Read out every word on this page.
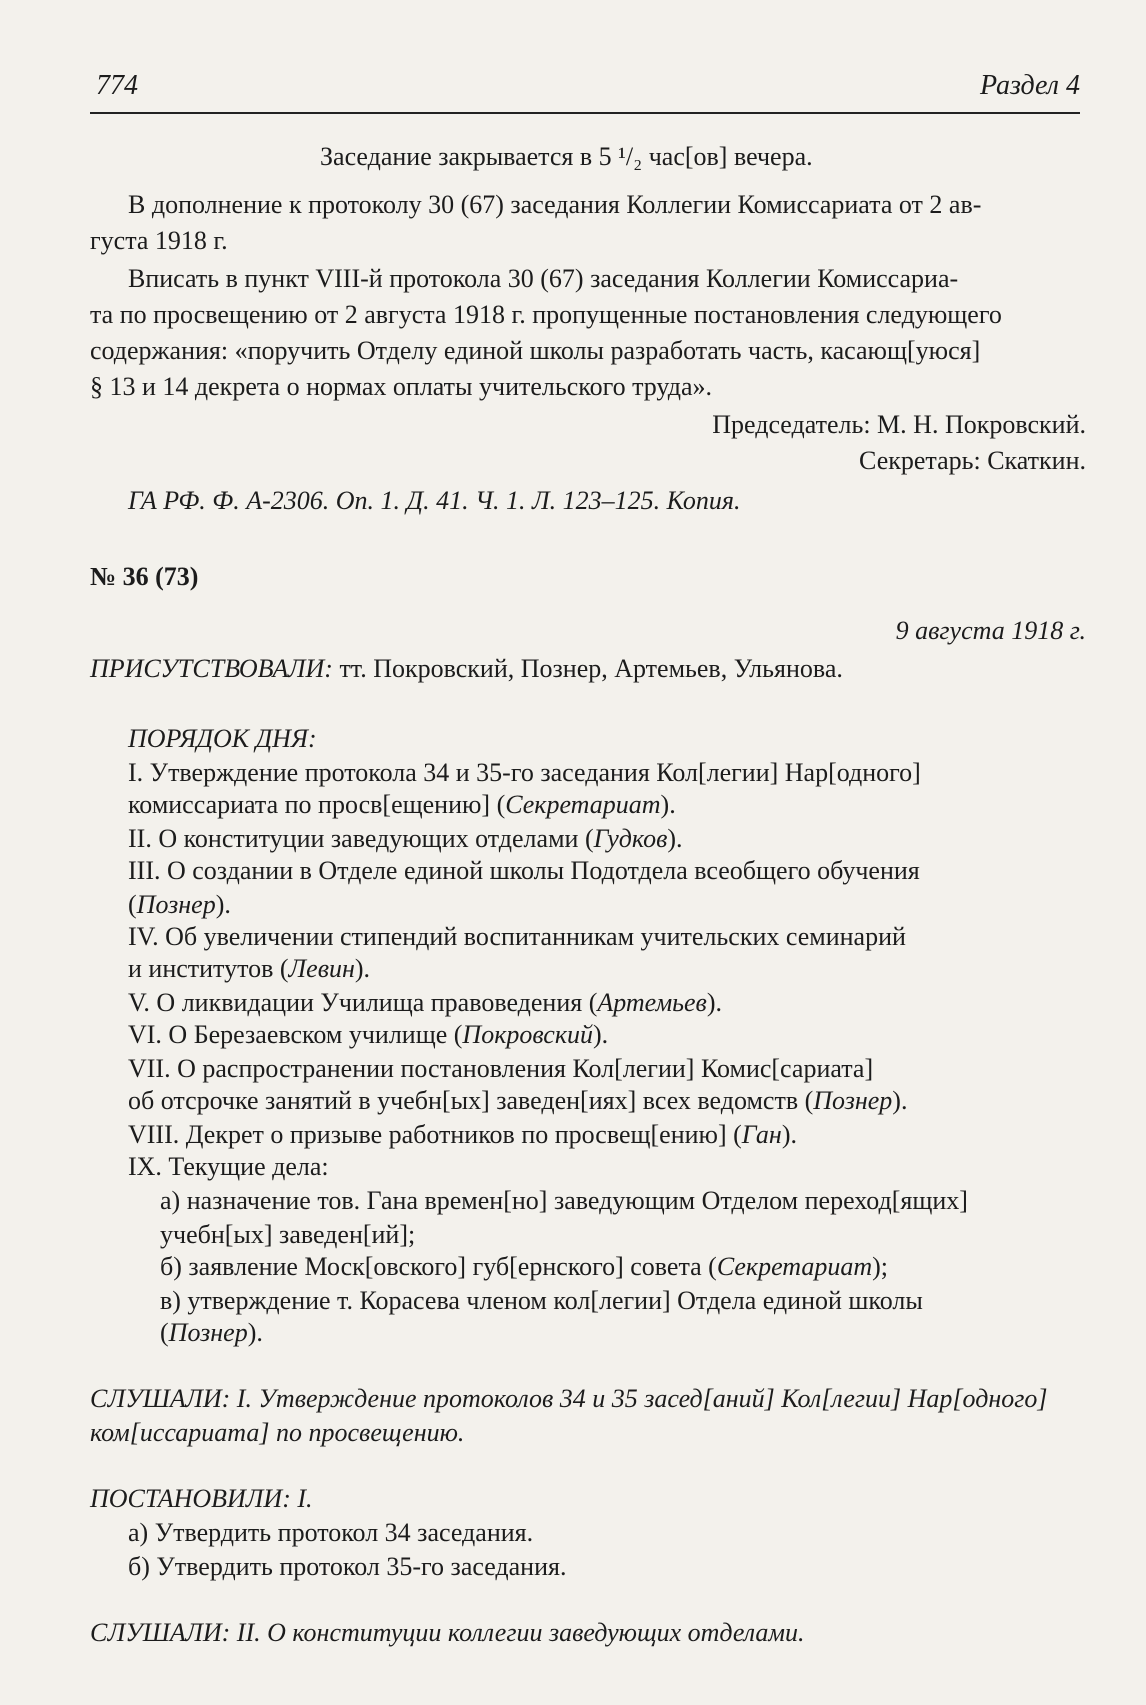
774	Раздел 4
Заседание закрывается в 5 ¹/₂ час[ов] вечера.
В дополнение к протоколу 30 (67) заседания Коллегии Комиссариата от 2 ав-
густа 1918 г.
Вписать в пункт VIII-й протокола 30 (67) заседания Коллегии Комиссариа-
та по просвещению от 2 августа 1918 г. пропущенные постановления следующего
содержания: «поручить Отделу единой школы разработать часть, касающ[уюся]
§ 13 и 14 декрета о нормах оплаты учительского труда».
Председатель: М. Н. Покровский.
Секретарь: Скаткин.
ГА РФ. Ф. А-2306. Оп. 1. Д. 41. Ч. 1. Л. 123–125. Копия.
№ 36 (73)
9 августа 1918 г.
ПРИСУТСТВОВАЛИ: тт. Покровский, Познер, Артемьев, Ульянова.
ПОРЯДОК ДНЯ:
I. Утверждение протокола 34 и 35-го заседания Кол[легии] Нар[одного]
комиссариата по просв[ещению] (Секретариат).
II. О конституции заведующих отделами (Гудков).
III. О создании в Отделе единой школы Подотдела всеобщего обучения
(Познер).
IV. Об увеличении стипендий воспитанникам учительских семинарий
и институтов (Левин).
V. О ликвидации Училища правоведения (Артемьев).
VI. О Березаевском училище (Покровский).
VII. О распространении постановления Кол[легии] Комис[сариата]
об отсрочке занятий в учебн[ых] заведен[иях] всех ведомств (Познер).
VIII. Декрет о призыве работников по просвещ[ению] (Ган).
IX. Текущие дела:
а) назначение тов. Гана времен[но] заведующим Отделом переход[ящих]
учебн[ых] заведен[ий];
б) заявление Моск[овского] губ[ернского] совета (Секретариат);
в) утверждение т. Корасева членом кол[легии] Отдела единой школы
(Познер).
СЛУШАЛИ: I. Утверждение протоколов 34 и 35 засед[аний] Кол[легии] Нар[одного]
ком[иссариата] по просвещению.
ПОСТАНОВИЛИ: I.
а) Утвердить протокол 34 заседания.
б) Утвердить протокол 35-го заседания.
СЛУШАЛИ: II. О конституции коллегии заведующих отделами.
